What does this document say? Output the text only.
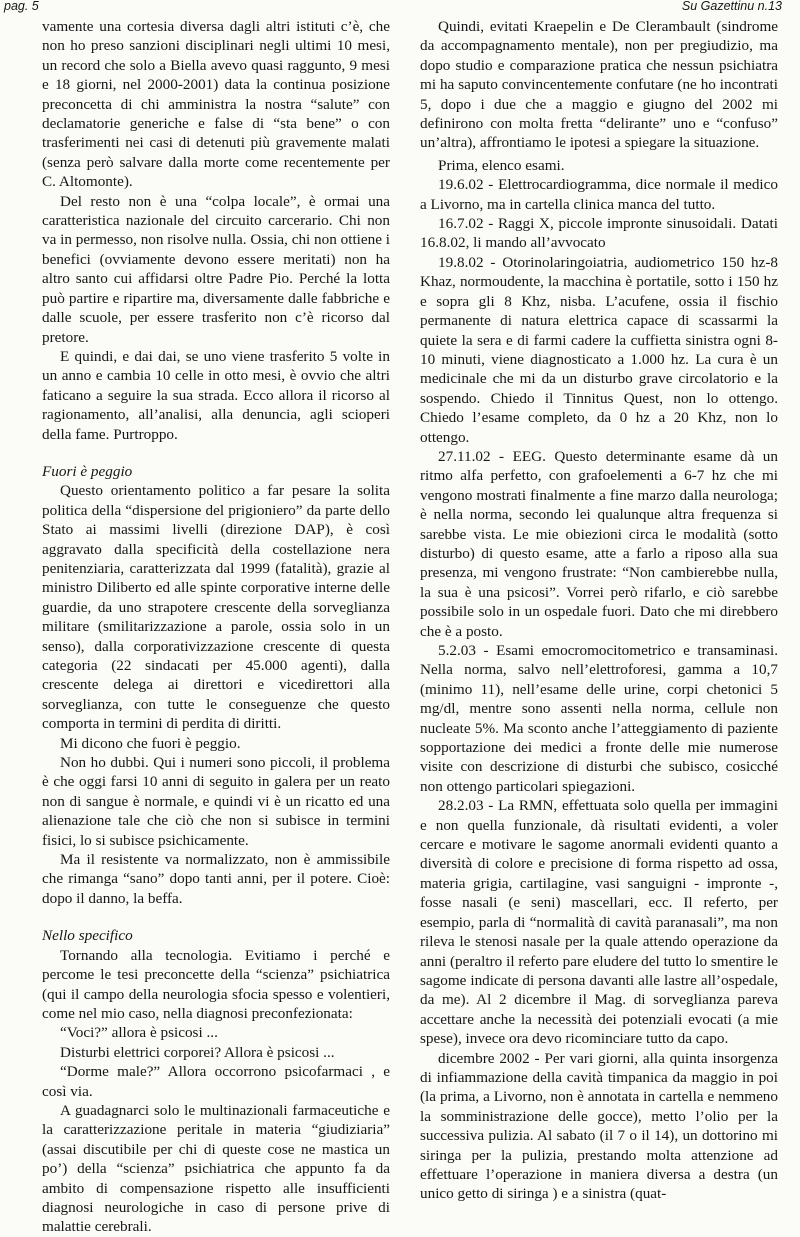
pag. 5	Su Gazettinu n.13

vamente una cortesia diversa dagli altri istituti c’è, che non ho preso sanzioni disciplinari negli ultimi 10 mesi, un record che solo a Biella avevo quasi raggunto, 9 mesi e 18 giorni, nel 2000-2001) data la continua posizione preconcetta di chi amministra la nostra “salute” con declamatorie generiche e false di “sta bene” o con trasferimenti nei casi di detenuti più gravemente malati (senza però salvare dalla morte come recentemente per C. Altomonte).

Del resto non è una “colpa locale”, è ormai una caratteristica nazionale del circuito carcerario. Chi non va in permesso, non risolve nulla. Ossia, chi non ottiene i benefici (ovviamente devono essere meritati) non ha altro santo cui affidarsi oltre Padre Pio. Perché la lotta può partire e ripartire ma, diversamente dalle fabbriche e dalle scuole, per essere trasferito non c’è ricorso dal pretore.

E quindi, e dai dai, se uno viene trasferito 5 volte in un anno e cambia 10 celle in otto mesi, è ovvio che altri faticano a seguire la sua strada. Ecco allora il ricorso al ragionamento, all’analisi, alla denuncia, agli scioperi della fame. Purtroppo.

Fuori è peggio

Questo orientamento politico a far pesare la solita politica della “dispersione del prigioniero” da parte dello Stato ai massimi livelli (direzione DAP), è così aggravato dalla specificità della costellazione nera penitenziaria, caratterizzata dal 1999 (fatalità), grazie al ministro Diliberto ed alle spinte corporative interne delle guardie, da uno strapotere crescente della sorveglianza militare (smilitarizzazione a parole, ossia solo in un senso), dalla corporativizzazione crescente di questa categoria (22 sindacati per 45.000 agenti), dalla crescente delega ai direttori e vicedirettori alla sorveglianza, con tutte le conseguenze che questo comporta in termini di perdita di diritti.

Mi dicono che fuori è peggio.

Non ho dubbi. Qui i numeri sono piccoli, il problema è che oggi farsi 10 anni di seguito in galera per un reato non di sangue è normale, e quindi vi è un ricatto ed una alienazione tale che ciò che non si subisce in termini fisici, lo si subisce psichicamente.

Ma il resistente va normalizzato, non è ammissibile che rimanga “sano” dopo tanti anni, per il potere. Cioè: dopo il danno, la beffa.

Nello specifico

Tornando alla tecnologia. Evitiamo i perché e percome le tesi preconcette della “scienza” psichiatrica (qui il campo della neurologia sfocia spesso e volentieri, come nel mio caso, nella diagnosi preconfezionata:

“Voci?” allora è psicosi ...

Disturbi elettrici corporei? Allora è psicosi ...

“Dorme male?” Allora occorrono psicofarmaci , e così via.

A guadagnarci solo le multinazionali farmaceutiche e la caratterizzazione peritale in materia “giudiziaria” (assai discutibile per chi di queste cose ne mastica un po’) della “scienza” psichiatrica che appunto fa da ambito di compensazione rispetto alle insufficienti diagnosi neurologiche in caso di persone prive di malattie cerebrali.

Quindi, evitati Kraepelin e De Clerambault (sindrome da accompagnamento mentale), non per pregiudizio, ma dopo studio e comparazione pratica che nessun psichiatra mi ha saputo convincentemente confutare (ne ho incontrati 5, dopo i due che a maggio e giugno del 2002 mi definirono con molta fretta “delirante” uno e “confuso” un’altra), affrontiamo le ipotesi a spiegare la situazione.

Prima, elenco esami.

19.6.02 - Elettrocardiogramma, dice normale il medico a Livorno, ma in cartella clinica manca del tutto.

16.7.02 - Raggi X, piccole impronte sinusoidali. Datati 16.8.02, li mando all’avvocato

19.8.02 - Otorinolaringoiatria, audiometrico 150 hz-8 Khaz, normoudente, la macchina è portatile, sotto i 150 hz e sopra gli 8 Khz, nisba. L’acufene, ossia il fischio permanente di natura elettrica capace di scassarmi la quiete la sera e di farmi cadere la cuffietta sinistra ogni 8-10 minuti, viene diagnosticato a 1.000 hz. La cura è un medicinale che mi da un disturbo grave circolatorio e la sospendo. Chiedo il Tinnitus Quest, non lo ottengo. Chiedo l’esame completo, da 0 hz a 20 Khz, non lo ottengo.

27.11.02 - EEG. Questo determinante esame dà un ritmo alfa perfetto, con grafoelementi a 6-7 hz che mi vengono mostrati finalmente a fine marzo dalla neurologa; è nella norma, secondo lei qualunque altra frequenza si sarebbe vista. Le mie obiezioni circa le modalità (sotto disturbo) di questo esame, atte a farlo a riposo alla sua presenza, mi vengono frustrate: “Non cambierebbe nulla, la sua è una psicosi”. Vorrei però rifarlo, e ciò sarebbe possibile solo in un ospedale fuori. Dato che mi direbbero che è a posto.

5.2.03 - Esami emocromocitometrico e transaminasi. Nella norma, salvo nell’elettroforesi, gamma a 10,7 (minimo 11), nell’esame delle urine, corpi chetonici 5 mg/dl, mentre sono assenti nella norma, cellule non nucleate 5%. Ma sconto anche l’atteggiamento di paziente sopportazione dei medici a fronte delle mie numerose visite con descrizione di disturbi che subisco, cosicché non ottengo particolari spiegazioni.

28.2.03 - La RMN, effettuata solo quella per immagini e non quella funzionale, dà risultati evidenti, a voler cercare e motivare le sagome anormali evidenti quanto a diversità di colore e precisione di forma rispetto ad ossa, materia grigia, cartilagine, vasi sanguigni - impronte -, fosse nasali (e seni) mascellari, ecc. Il referto, per esempio, parla di “normalità di cavità paranasali”, ma non rileva le stenosi nasale per la quale attendo operazione da anni (peraltro il referto pare eludere del tutto lo smentire le sagome indicate di persona davanti alle lastre all’ospedale, da me). Al 2 dicembre il Mag. di sorveglianza pareva accettare anche la necessità dei potenziali evocati (a mie spese), invece ora devo ricominciare tutto da capo.

dicembre 2002 - Per vari giorni, alla quinta insorgenza di infiammazione della cavità timpanica da maggio in poi (la prima, a Livorno, non è annotata in cartella e nemmeno la somministrazione delle gocce), metto l’olio per la successiva pulizia. Al sabato (il 7 o il 14), un dottorino mi siringa per la pulizia, prestando molta attenzione ad effettuare l’operazione in maniera diversa a destra (un unico getto di siringa ) e a sinistra (quat-
